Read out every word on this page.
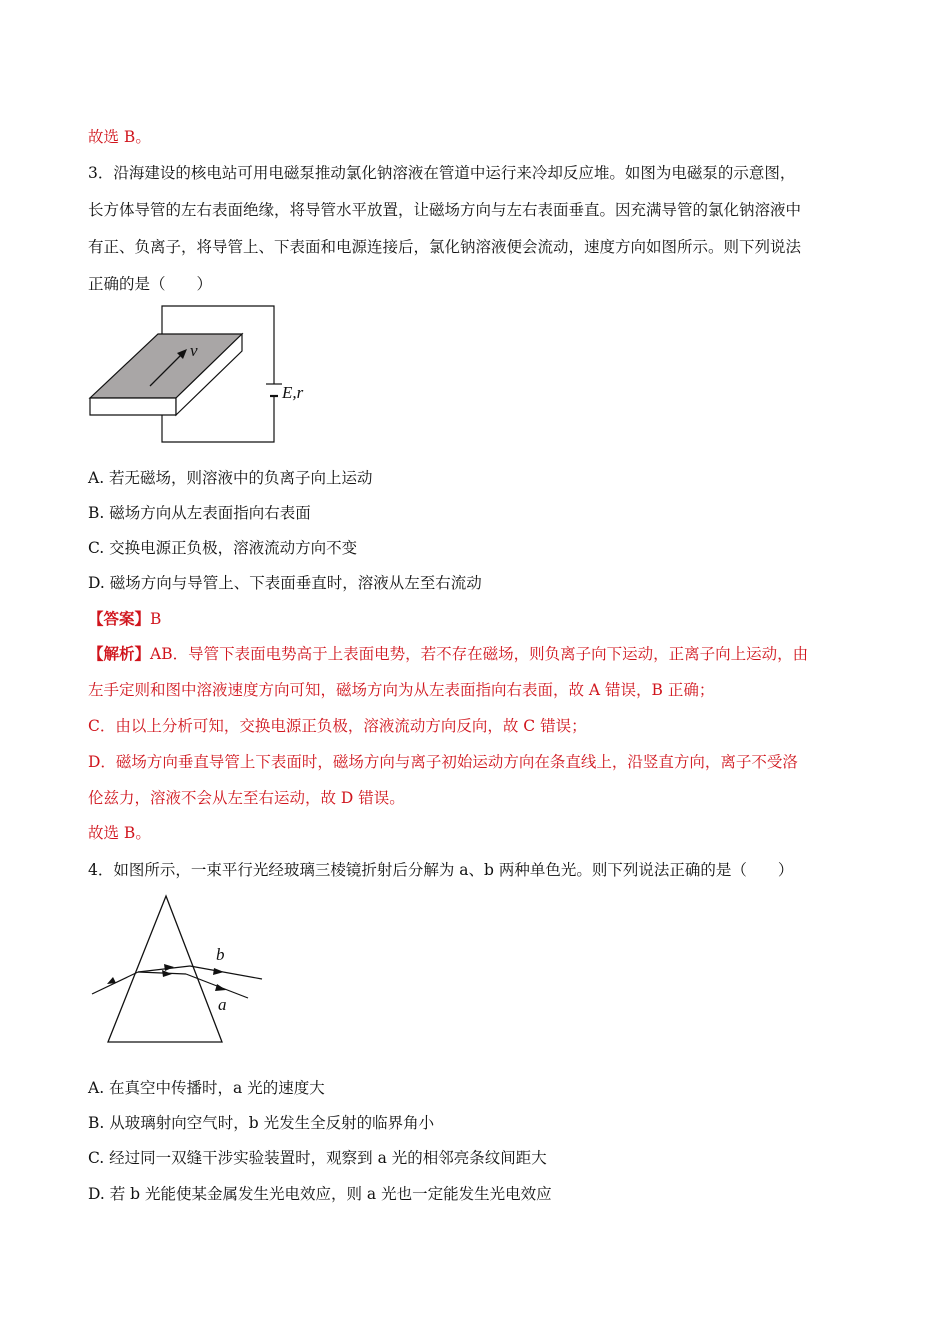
故选 B。
3．沿海建设的核电站可用电磁泵推动氯化钠溶液在管道中运行来冷却反应堆。如图为电磁泵的示意图，
长方体导管的左右表面绝缘，将导管水平放置，让磁场方向与左右表面垂直。因充满导管的氯化钠溶液中
有正、负离子，将导管上、下表面和电源连接后，氯化钠溶液便会流动，速度方向如图所示。则下列说法
正确的是（　　）
E,r
v
A. 若无磁场，则溶液中的负离子向上运动
B. 磁场方向从左表面指向右表面
C. 交换电源正负极，溶液流动方向不变
D. 磁场方向与导管上、下表面垂直时，溶液从左至右流动
【答案】B
【解析】AB．导管下表面电势高于上表面电势，若不存在磁场，则负离子向下运动，正离子向上运动，由
左手定则和图中溶液速度方向可知，磁场方向为从左表面指向右表面，故 A 错误，B 正确；
C．由以上分析可知，交换电源正负极，溶液流动方向反向，故 C 错误；
D．磁场方向垂直导管上下表面时，磁场方向与离子初始运动方向在条直线上，沿竖直方向，离子不受洛
伦兹力，溶液不会从左至右运动，故 D 错误。
故选 B。
4．如图所示，一束平行光经玻璃三棱镜折射后分解为 a、b 两种单色光。则下列说法正确的是（　　）
b
a
A. 在真空中传播时，a 光的速度大
B. 从玻璃射向空气时，b 光发生全反射的临界角小
C. 经过同一双缝干涉实验装置时，观察到 a 光的相邻亮条纹间距大
D. 若 b 光能使某金属发生光电效应，则 a 光也一定能发生光电效应
